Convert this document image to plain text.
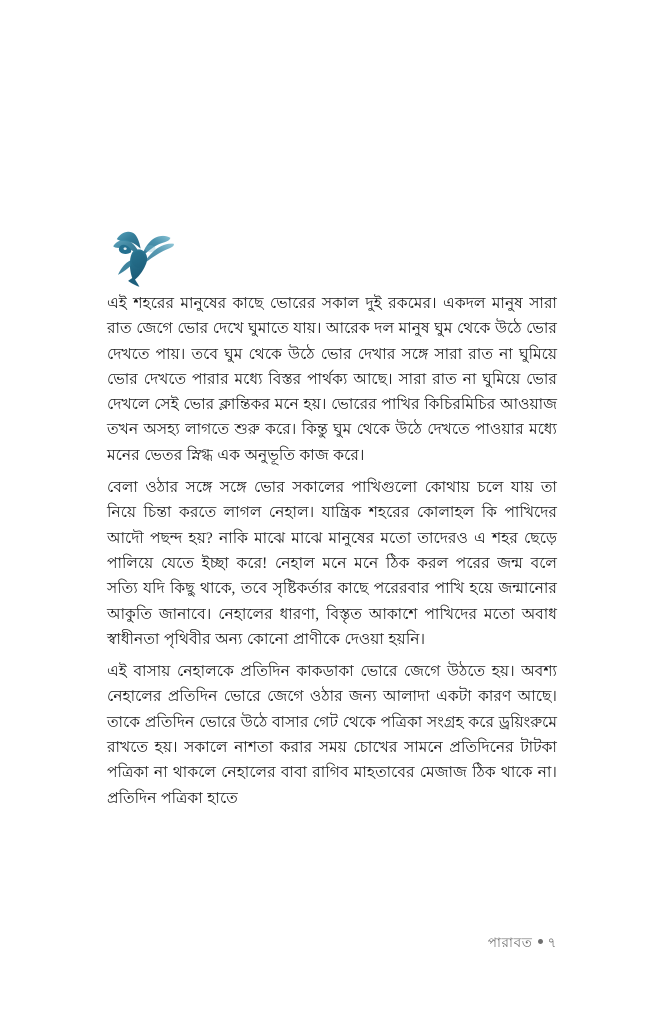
এই শহরের মানুষের কাছে ভোরের সকাল দুই রকমের। একদল মানুষ সারা রাত জেগে ভোর দেখে ঘুমাতে যায়। আরেক দল মানুষ ঘুম থেকে উঠে ভোর দেখতে পায়। তবে ঘুম থেকে উঠে ভোর দেখার সঙ্গে সারা রাত না ঘুমিয়ে ভোর দেখতে পারার মধ্যে বিস্তর পার্থক্য আছে। সারা রাত না ঘুমিয়ে ভোর দেখলে সেই ভোর ক্লান্তিকর মনে হয়। ভোরের পাখির কিচিরমিচির আওয়াজ তখন অসহ্য লাগতে শুরু করে। কিন্তু ঘুম থেকে উঠে দেখতে পাওয়ার মধ্যে মনের ভেতর স্নিগ্ধ এক অনুভূতি কাজ করে।

বেলা ওঠার সঙ্গে সঙ্গে ভোর সকালের পাখিগুলো কোথায় চলে যায় তা নিয়ে চিন্তা করতে লাগল নেহাল। যান্ত্রিক শহরের কোলাহল কি পাখিদের আদৌ পছন্দ হয়? নাকি মাঝে মাঝে মানুষের মতো তাদেরও এ শহর ছেড়ে পালিয়ে যেতে ইচ্ছা করে! নেহাল মনে মনে ঠিক করল পরের জন্ম বলে সত্যি যদি কিছু থাকে, তবে সৃষ্টিকর্তার কাছে পরেরবার পাখি হয়ে জন্মানোর আকুতি জানাবে। নেহালের ধারণা, বিস্তৃত আকাশে পাখিদের মতো অবাধ স্বাধীনতা পৃথিবীর অন্য কোনো প্রাণীকে দেওয়া হয়নি।

এই বাসায় নেহালকে প্রতিদিন কাকডাকা ভোরে জেগে উঠতে হয়। অবশ্য নেহালের প্রতিদিন ভোরে জেগে ওঠার জন্য আলাদা একটা কারণ আছে। তাকে প্রতিদিন ভোরে উঠে বাসার গেট থেকে পত্রিকা সংগ্রহ করে ড্রয়িংরুমে রাখতে হয়। সকালে নাশতা করার সময় চোখের সামনে প্রতিদিনের টাটকা পত্রিকা না থাকলে নেহালের বাবা রাগিব মাহতাবের মেজাজ ঠিক থাকে না। প্রতিদিন পত্রিকা হাতে

পারাবত ৭
